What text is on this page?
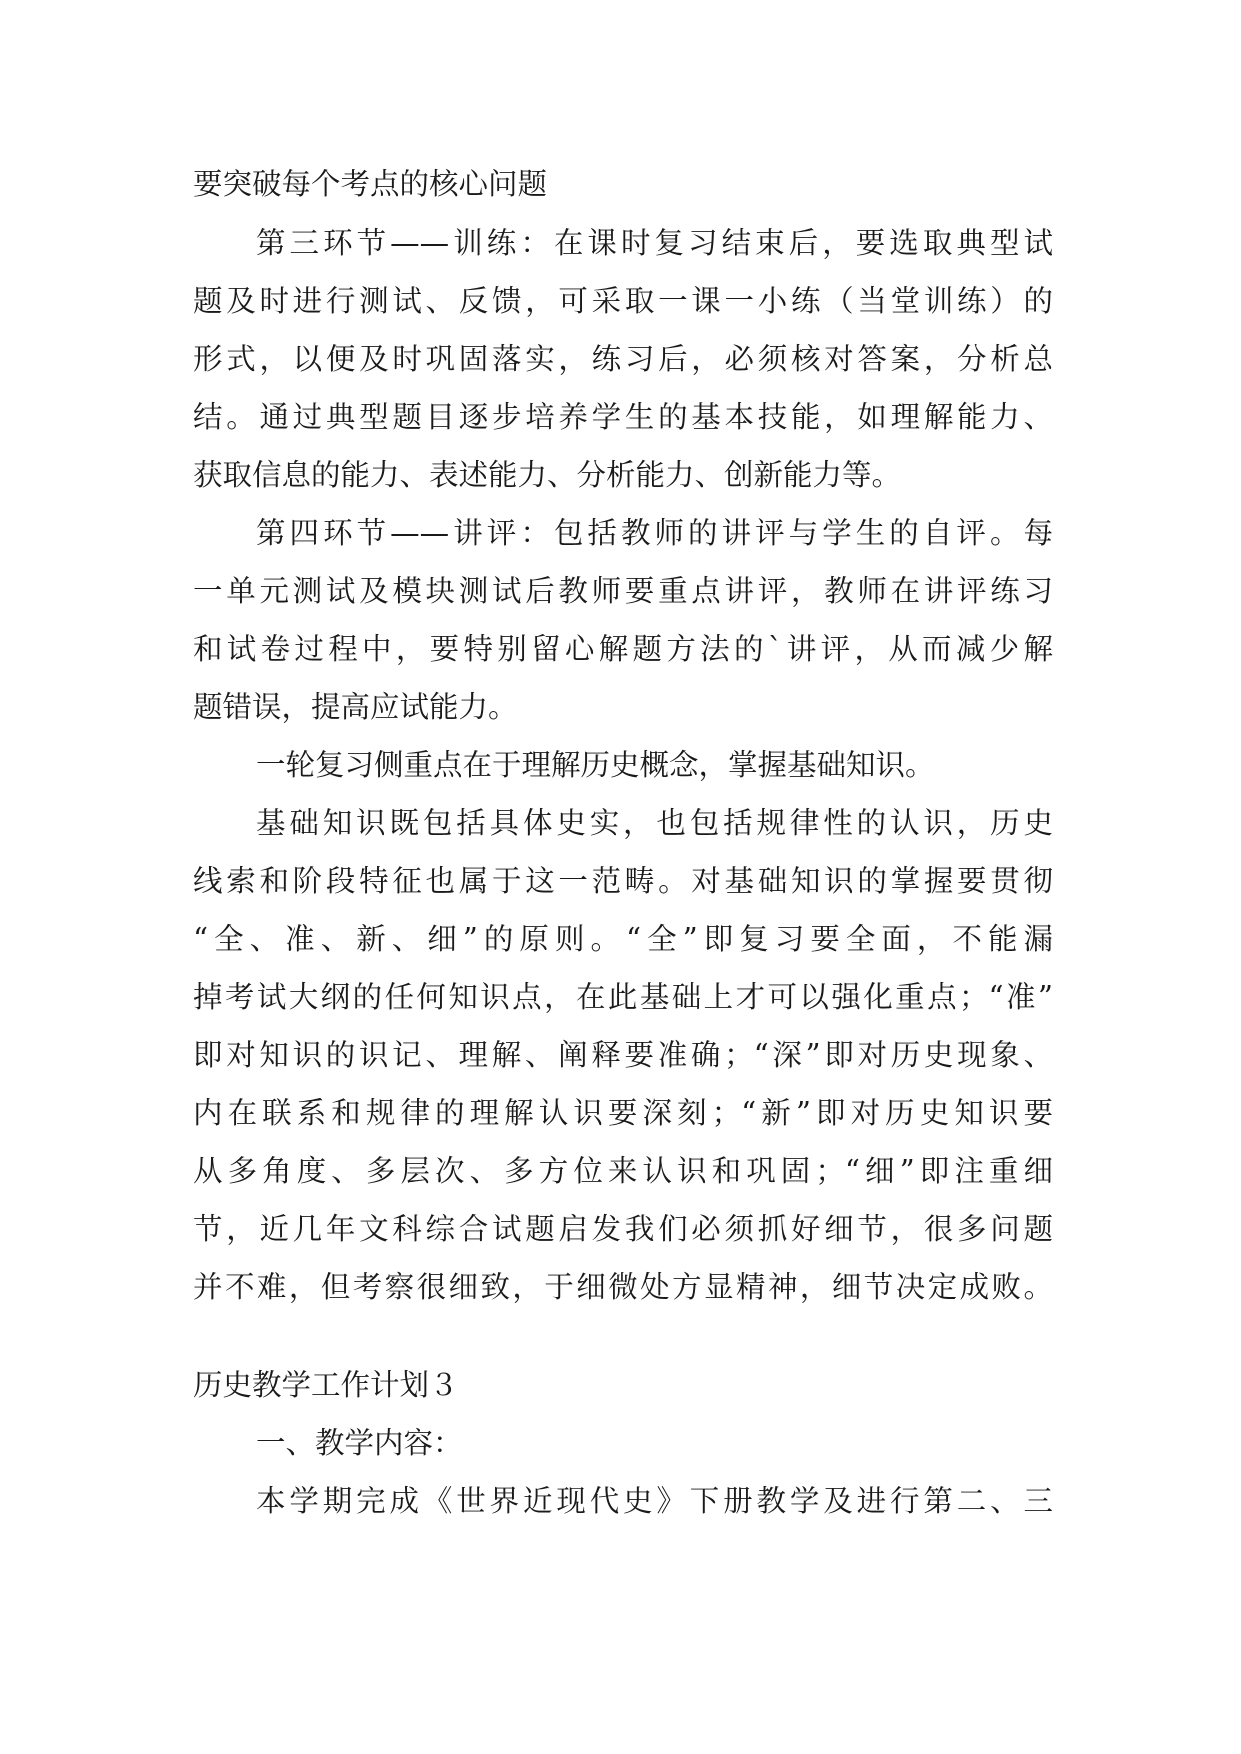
要突破每个考点的核心问题
第三环节——训练：在课时复习结束后，要选取典型试
题及时进行测试、反馈，可采取一课一小练（当堂训练）的
形式，以便及时巩固落实，练习后，必须核对答案，分析总
结。通过典型题目逐步培养学生的基本技能，如理解能力、
获取信息的能力、表述能力、分析能力、创新能力等。
第四环节——讲评：包括教师的讲评与学生的自评。每
一单元测试及模块测试后教师要重点讲评，教师在讲评练习
和试卷过程中，要特别留心解题方法的`讲评，从而减少解
题错误，提高应试能力。
一轮复习侧重点在于理解历史概念，掌握基础知识。
基础知识既包括具体史实，也包括规律性的认识，历史
线索和阶段特征也属于这一范畴。对基础知识的掌握要贯彻
“全、准、新、细”的原则。“全”即复习要全面，不能漏
掉考试大纲的任何知识点，在此基础上才可以强化重点；“准”
即对知识的识记、理解、阐释要准确；“深”即对历史现象、
内在联系和规律的理解认识要深刻；“新”即对历史知识要
从多角度、多层次、多方位来认识和巩固；“细”即注重细
节，近几年文科综合试题启发我们必须抓好细节，很多问题
并不难，但考察很细致，于细微处方显精神，细节决定成败。
历史教学工作计划３
一、教学内容：
本学期完成《世界近现代史》下册教学及进行第二、三
